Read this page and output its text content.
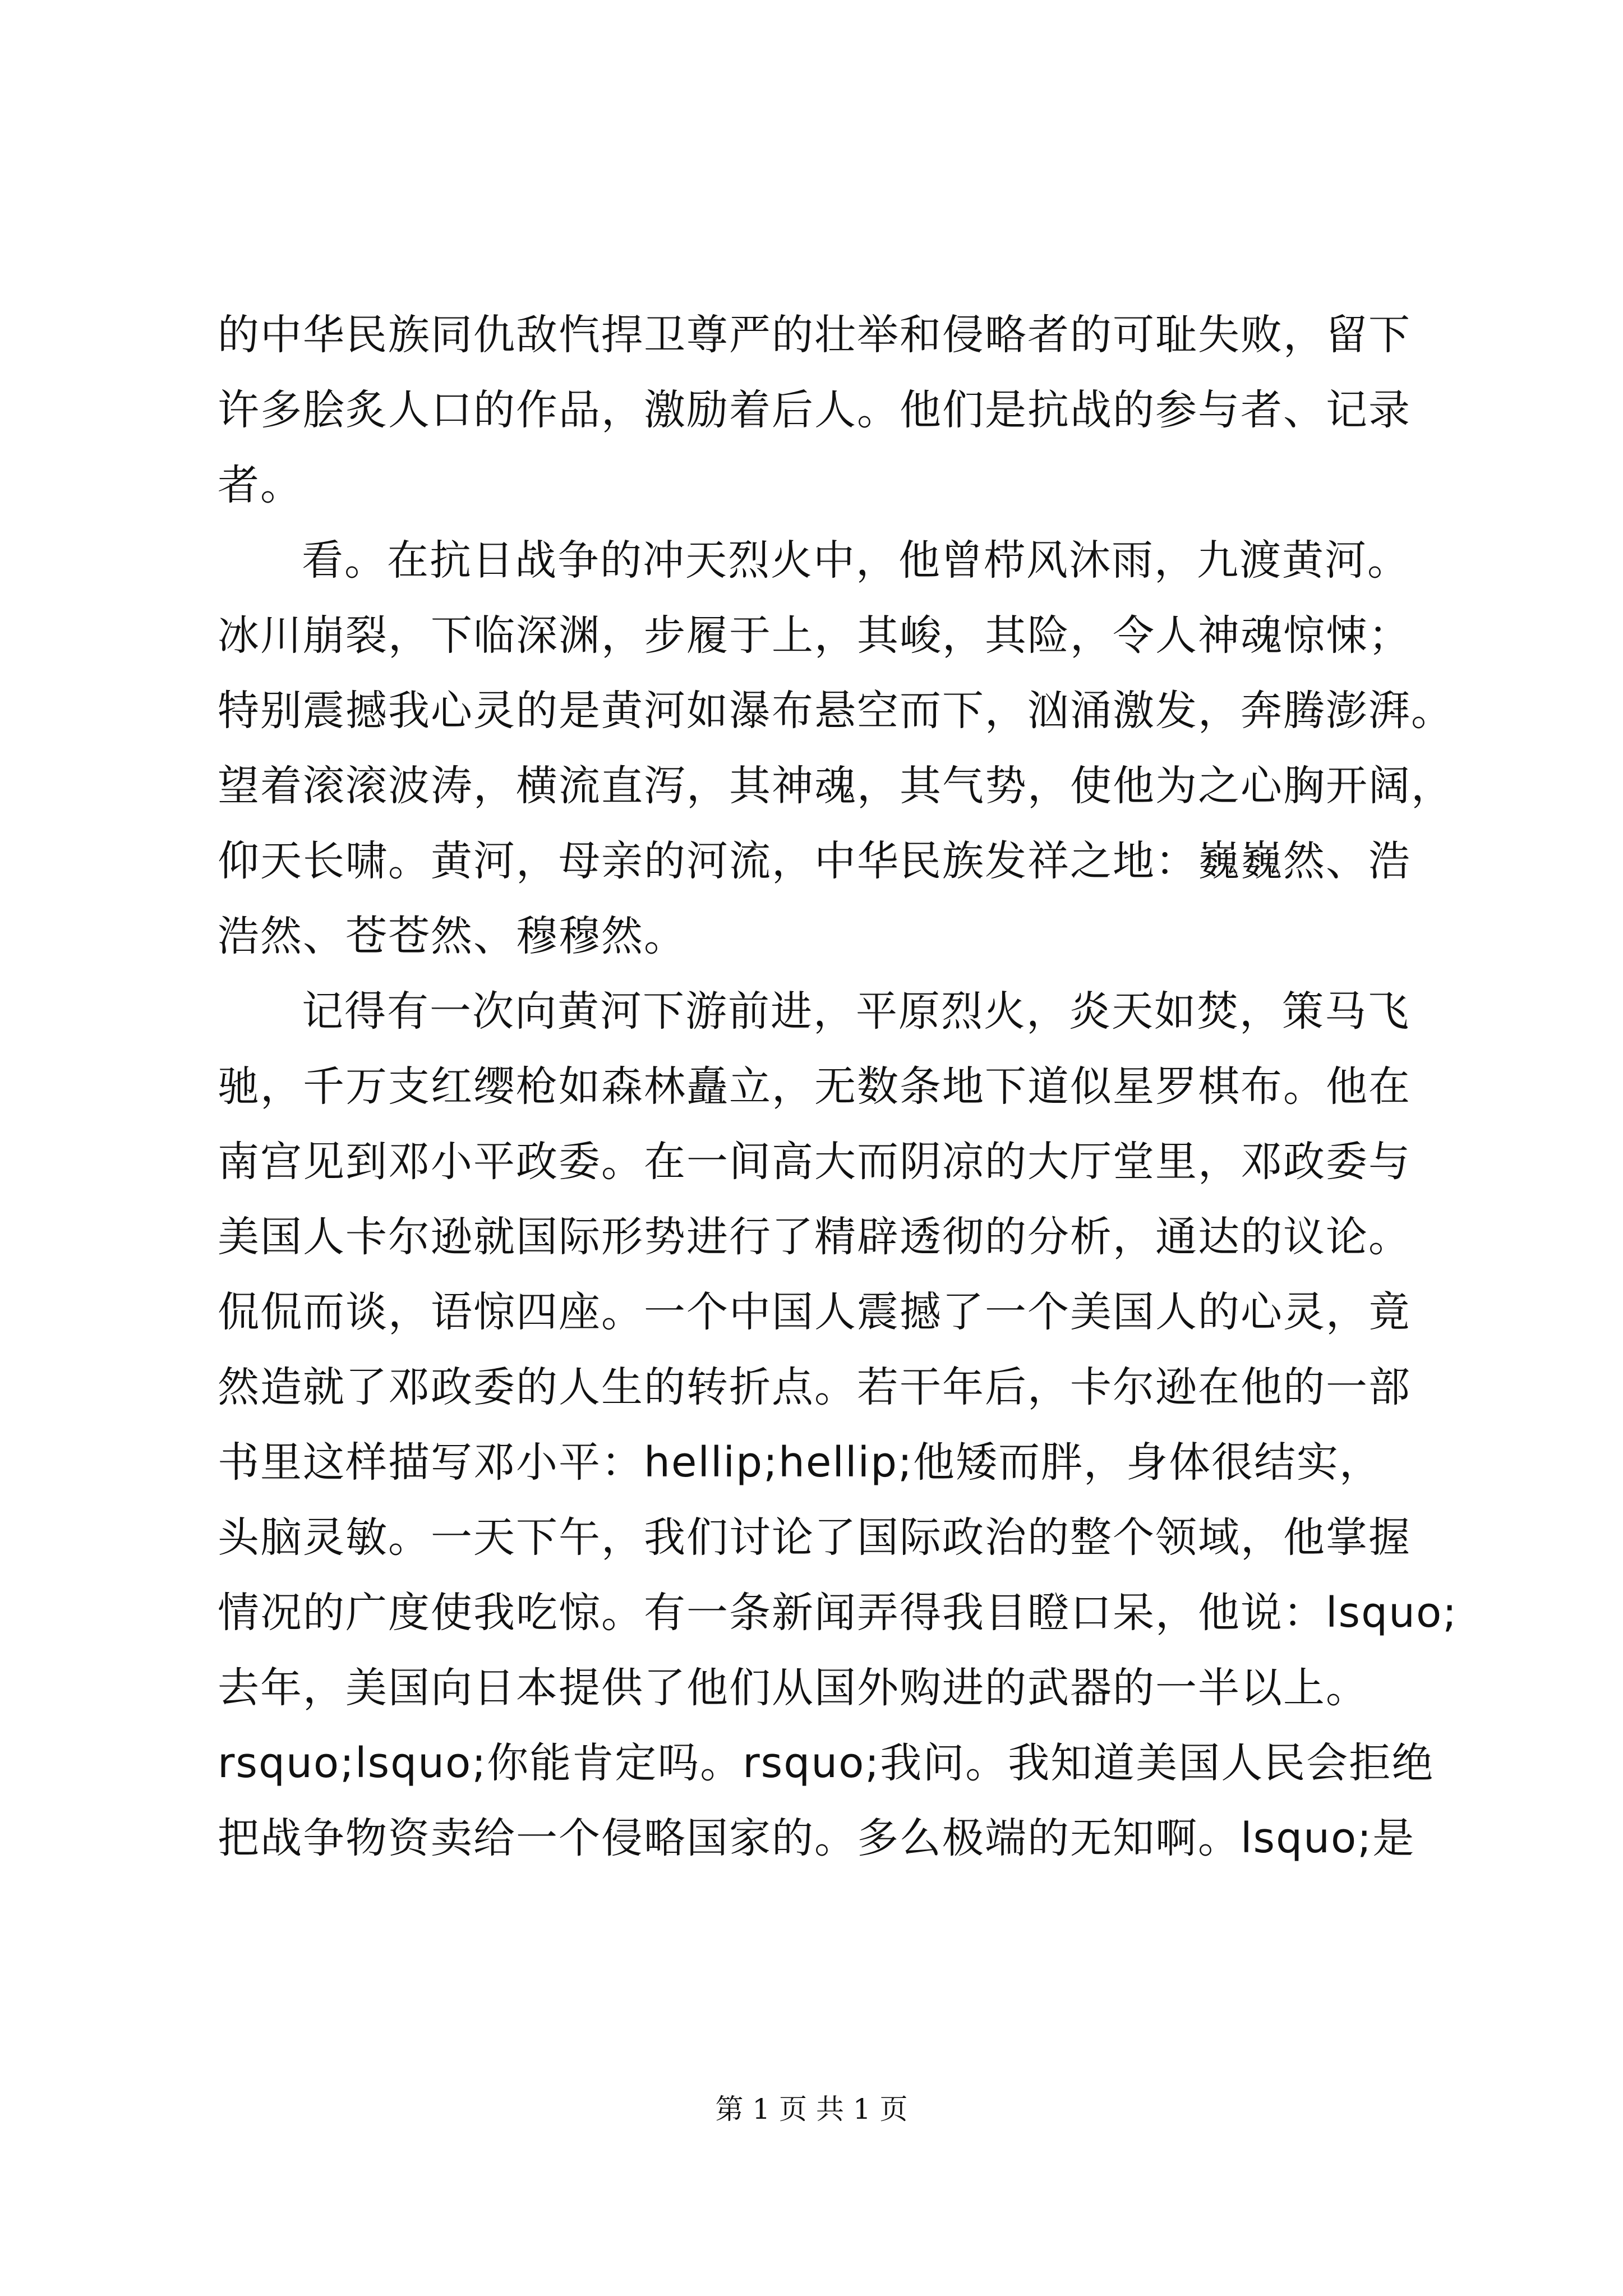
的中华民族同仇敌忾捍卫尊严的壮举和侵略者的可耻失败，留下
许多脍炙人口的作品，激励着后人。他们是抗战的参与者、记录
者。
看。在抗日战争的冲天烈火中，他曾栉风沐雨，九渡黄河。
冰川崩裂，下临深渊，步履于上，其峻，其险，令人神魂惊悚；
特别震撼我心灵的是黄河如瀑布悬空而下，汹涌激发，奔腾澎湃。
望着滚滚波涛，横流直泻，其神魂，其气势，使他为之心胸开阔，
仰天长啸。黄河，母亲的河流，中华民族发祥之地：巍巍然、浩
浩然、苍苍然、穆穆然。
记得有一次向黄河下游前进，平原烈火，炎天如焚，策马飞
驰，千万支红缨枪如森林矗立，无数条地下道似星罗棋布。他在
南宫见到邓小平政委。在一间高大而阴凉的大厅堂里，邓政委与
美国人卡尔逊就国际形势进行了精辟透彻的分析，通达的议论。
侃侃而谈，语惊四座。一个中国人震撼了一个美国人的心灵，竟
然造就了邓政委的人生的转折点。若干年后，卡尔逊在他的一部
书里这样描写邓小平：hellip;hellip;他矮而胖，身体很结实，
头脑灵敏。一天下午，我们讨论了国际政治的整个领域，他掌握
情况的广度使我吃惊。有一条新闻弄得我目瞪口呆，他说：lsquo;
去年，美国向日本提供了他们从国外购进的武器的一半以上。
rsquo;lsquo;你能肯定吗。rsquo;我问。我知道美国人民会拒绝
把战争物资卖给一个侵略国家的。多么极端的无知啊。lsquo;是
第 1 页 共 1 页
